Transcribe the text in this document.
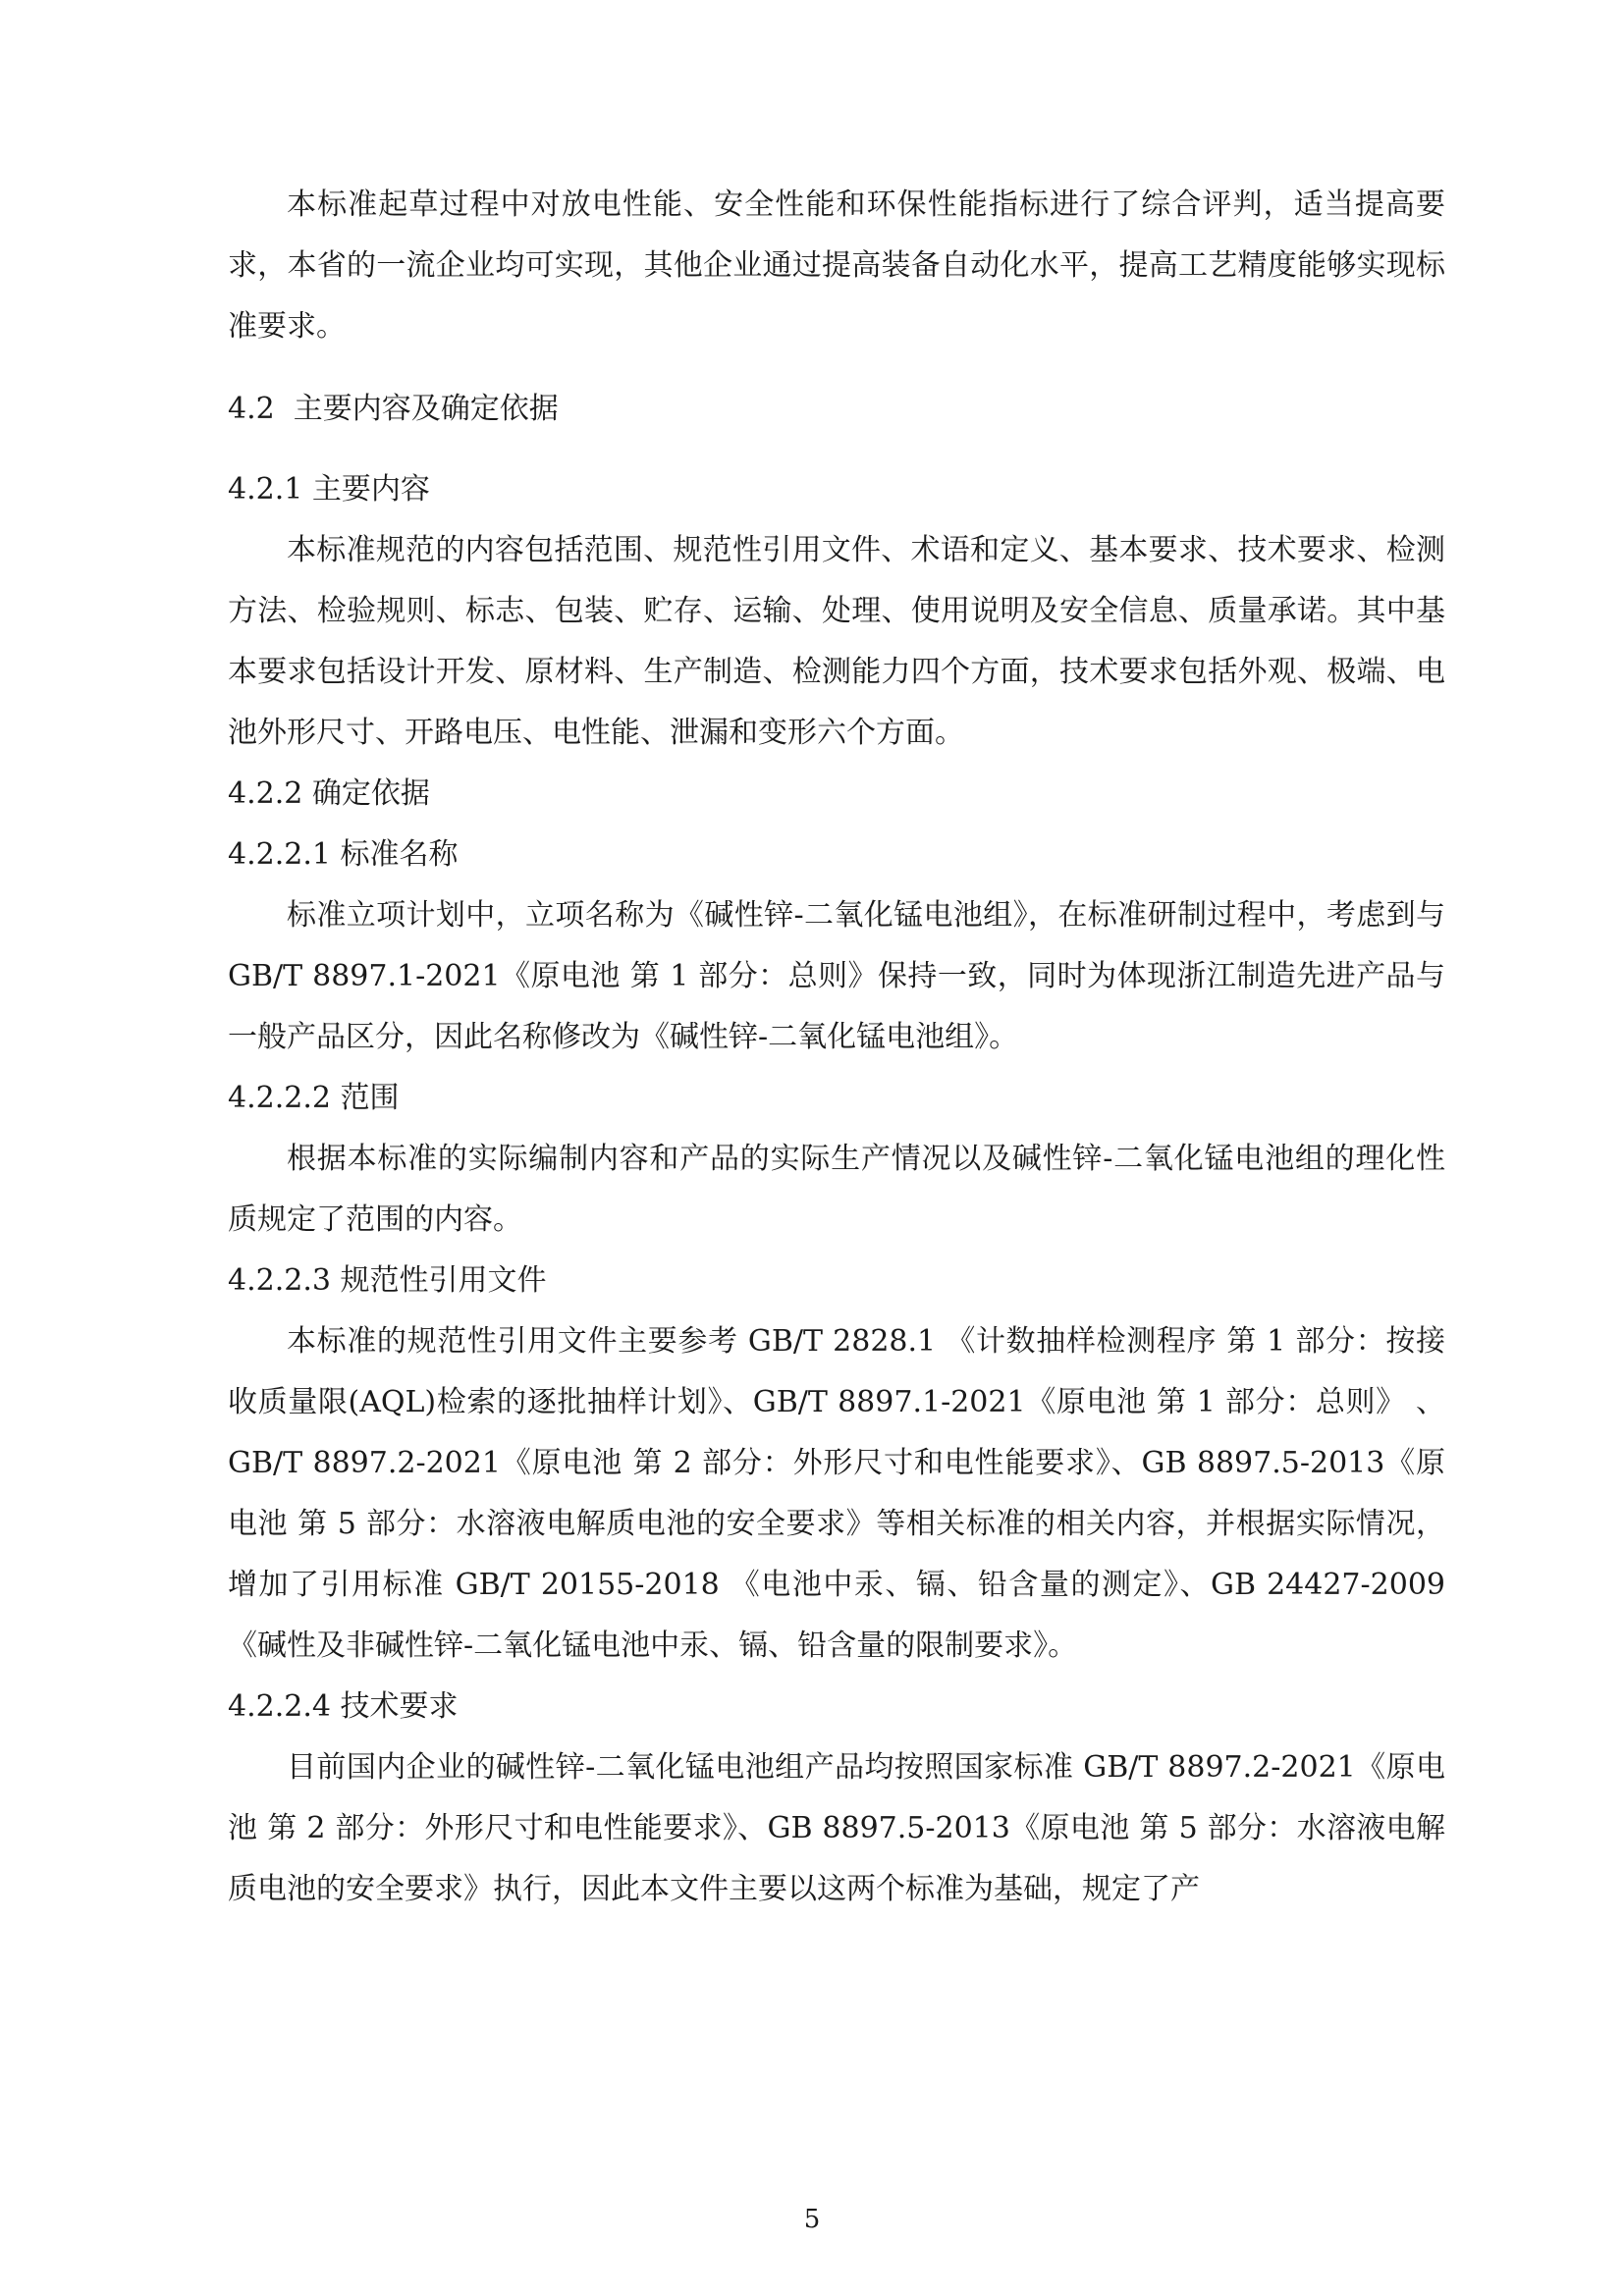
本标准起草过程中对放电性能、安全性能和环保性能指标进行了综合评判，适当提高要求，本省的一流企业均可实现，其他企业通过提高装备自动化水平，提高工艺精度能够实现标准要求。

4.2  主要内容及确定依据

4.2.1 主要内容

本标准规范的内容包括范围、规范性引用文件、术语和定义、基本要求、技术要求、检测方法、检验规则、标志、包装、贮存、运输、处理、使用说明及安全信息、质量承诺。其中基本要求包括设计开发、原材料、生产制造、检测能力四个方面，技术要求包括外观、极端、电池外形尺寸、开路电压、电性能、泄漏和变形六个方面。

4.2.2 确定依据

4.2.2.1 标准名称

标准立项计划中，立项名称为《碱性锌-二氧化锰电池组》，在标准研制过程中，考虑到与 GB/T 8897.1-2021《原电池 第 1 部分：总则》保持一致，同时为体现浙江制造先进产品与一般产品区分，因此名称修改为《碱性锌-二氧化锰电池组》。

4.2.2.2 范围

根据本标准的实际编制内容和产品的实际生产情况以及碱性锌-二氧化锰电池组的理化性质规定了范围的内容。

4.2.2.3 规范性引用文件

本标准的规范性引用文件主要参考 GB/T 2828.1 《计数抽样检测程序 第 1 部分：按接收质量限(AQL)检索的逐批抽样计划》、GB/T 8897.1-2021《原电池 第 1 部分：总则》 、GB/T 8897.2-2021《原电池 第 2 部分：外形尺寸和电性能要求》、GB 8897.5-2013《原电池 第 5 部分：水溶液电解质电池的安全要求》等相关标准的相关内容，并根据实际情况，增加了引用标准 GB/T 20155-2018 《电池中汞、镉、铅含量的测定》、GB 24427-2009 《碱性及非碱性锌-二氧化锰电池中汞、镉、铅含量的限制要求》。

4.2.2.4 技术要求

目前国内企业的碱性锌-二氧化锰电池组产品均按照国家标准 GB/T 8897.2-2021《原电池 第 2 部分：外形尺寸和电性能要求》、GB 8897.5-2013《原电池 第 5 部分：水溶液电解质电池的安全要求》执行，因此本文件主要以这两个标准为基础，规定了产

5
